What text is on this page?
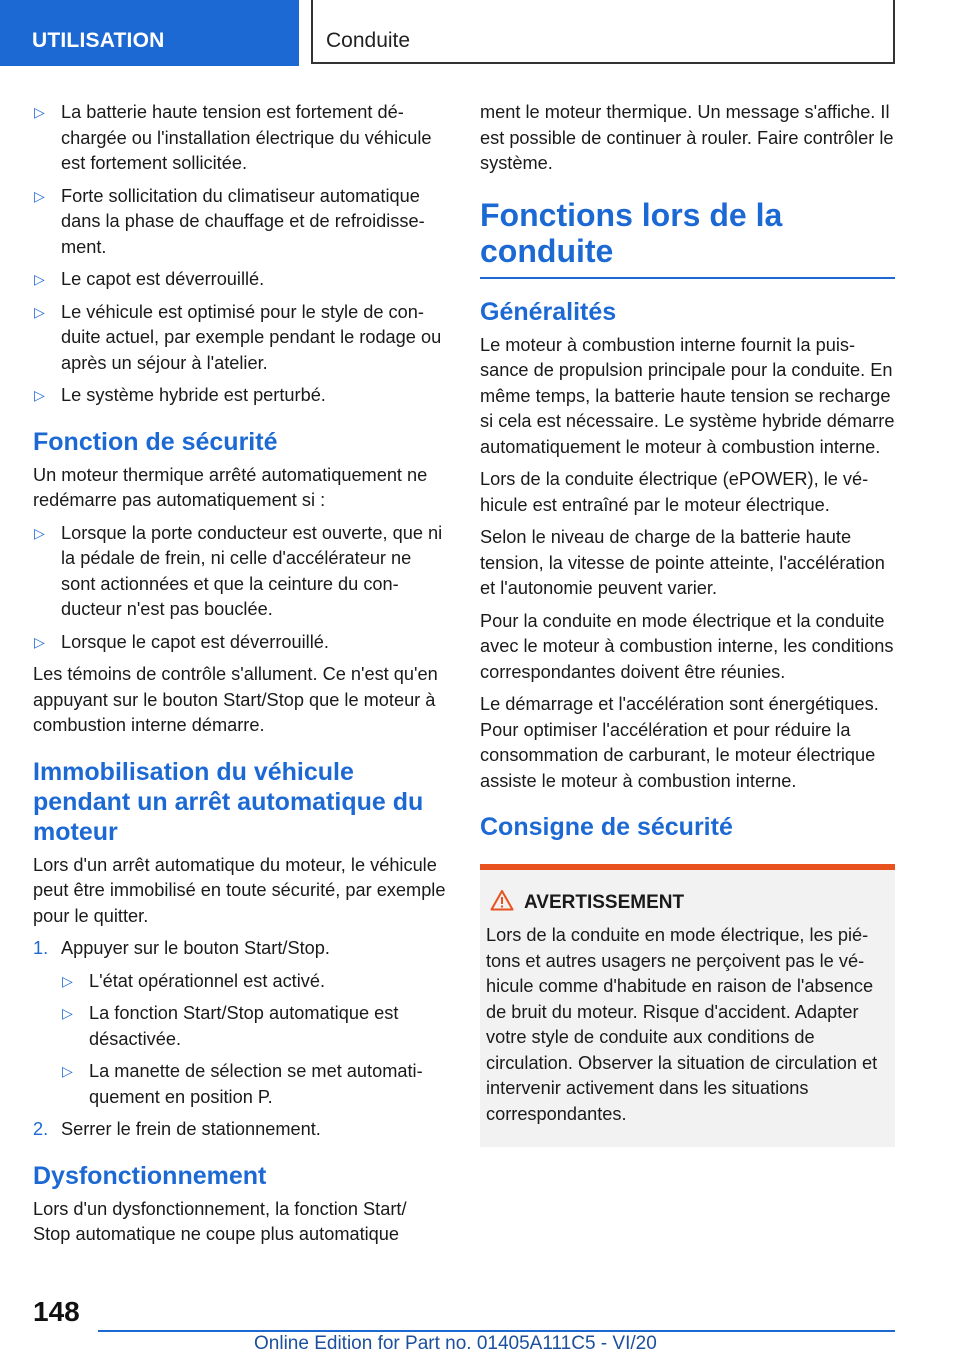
UTILISATION	Conduite
▷ La batterie haute tension est fortement déchargée ou l'installation électrique du véhicule est fortement sollicitée.
▷ Forte sollicitation du climatiseur automatique dans la phase de chauffage et de refroidissement.
▷ Le capot est déverrouillé.
▷ Le véhicule est optimisé pour le style de conduite actuel, par exemple pendant le rodage ou après un séjour à l'atelier.
▷ Le système hybride est perturbé.
Fonction de sécurité

Un moteur thermique arrêté automatiquement ne redémarre pas automatiquement si :

▷ Lorsque la porte conducteur est ouverte, que ni la pédale de frein, ni celle d'accélérateur ne sont actionnées et que la ceinture du conducteur n'est pas bouclée.
▷ Lorsque le capot est déverrouillé.

Les témoins de contrôle s'allument. Ce n'est qu'en appuyant sur le bouton Start/Stop que le moteur à combustion interne démarre.

Immobilisation du véhicule pendant un arrêt automatique du moteur

Lors d'un arrêt automatique du moteur, le véhicule peut être immobilisé en toute sécurité, par exemple pour le quitter.

1. Appuyer sur le bouton Start/Stop.
▷ L'état opérationnel est activé.
▷ La fonction Start/Stop automatique est désactivée.
▷ La manette de sélection se met automatiquement en position P.
2. Serrer le frein de stationnement.
Dysfonctionnement

Lors d'un dysfonctionnement, la fonction Start/ Stop automatique ne coupe plus automatique

ment le moteur thermique. Un message s'affiche. Il est possible de continuer à rouler. Faire contrôler le système.

Fonctions lors de la conduite
Généralités

Le moteur à combustion interne fournit la puissance de propulsion principale pour la conduite. En même temps, la batterie haute tension se recharge si cela est nécessaire. Le système hybride démarre automatiquement le moteur à combustion interne.

Lors de la conduite électrique (ePOWER), le véhicule est entraîné par le moteur électrique.

Selon le niveau de charge de la batterie haute tension, la vitesse de pointe atteinte, l'accélération et l'autonomie peuvent varier.

Pour la conduite en mode électrique et la conduite avec le moteur à combustion interne, les conditions correspondantes doivent être réunies.

Le démarrage et l'accélération sont énergétiques. Pour optimiser l'accélération et pour réduire la consommation de carburant, le moteur électrique assiste le moteur à combustion interne.

Consigne de sécurité
AVERTISSEMENT

Lors de la conduite en mode électrique, les piétons et autres usagers ne perçoivent pas le véhicule comme d'habitude en raison de l'absence de bruit du moteur. Risque d'accident. Adapter votre style de conduite aux conditions de circulation. Observer la situation de circulation et intervenir activement dans les situations correspondantes.

148
Online Edition for Part no. 01405A111C5 - VI/20
